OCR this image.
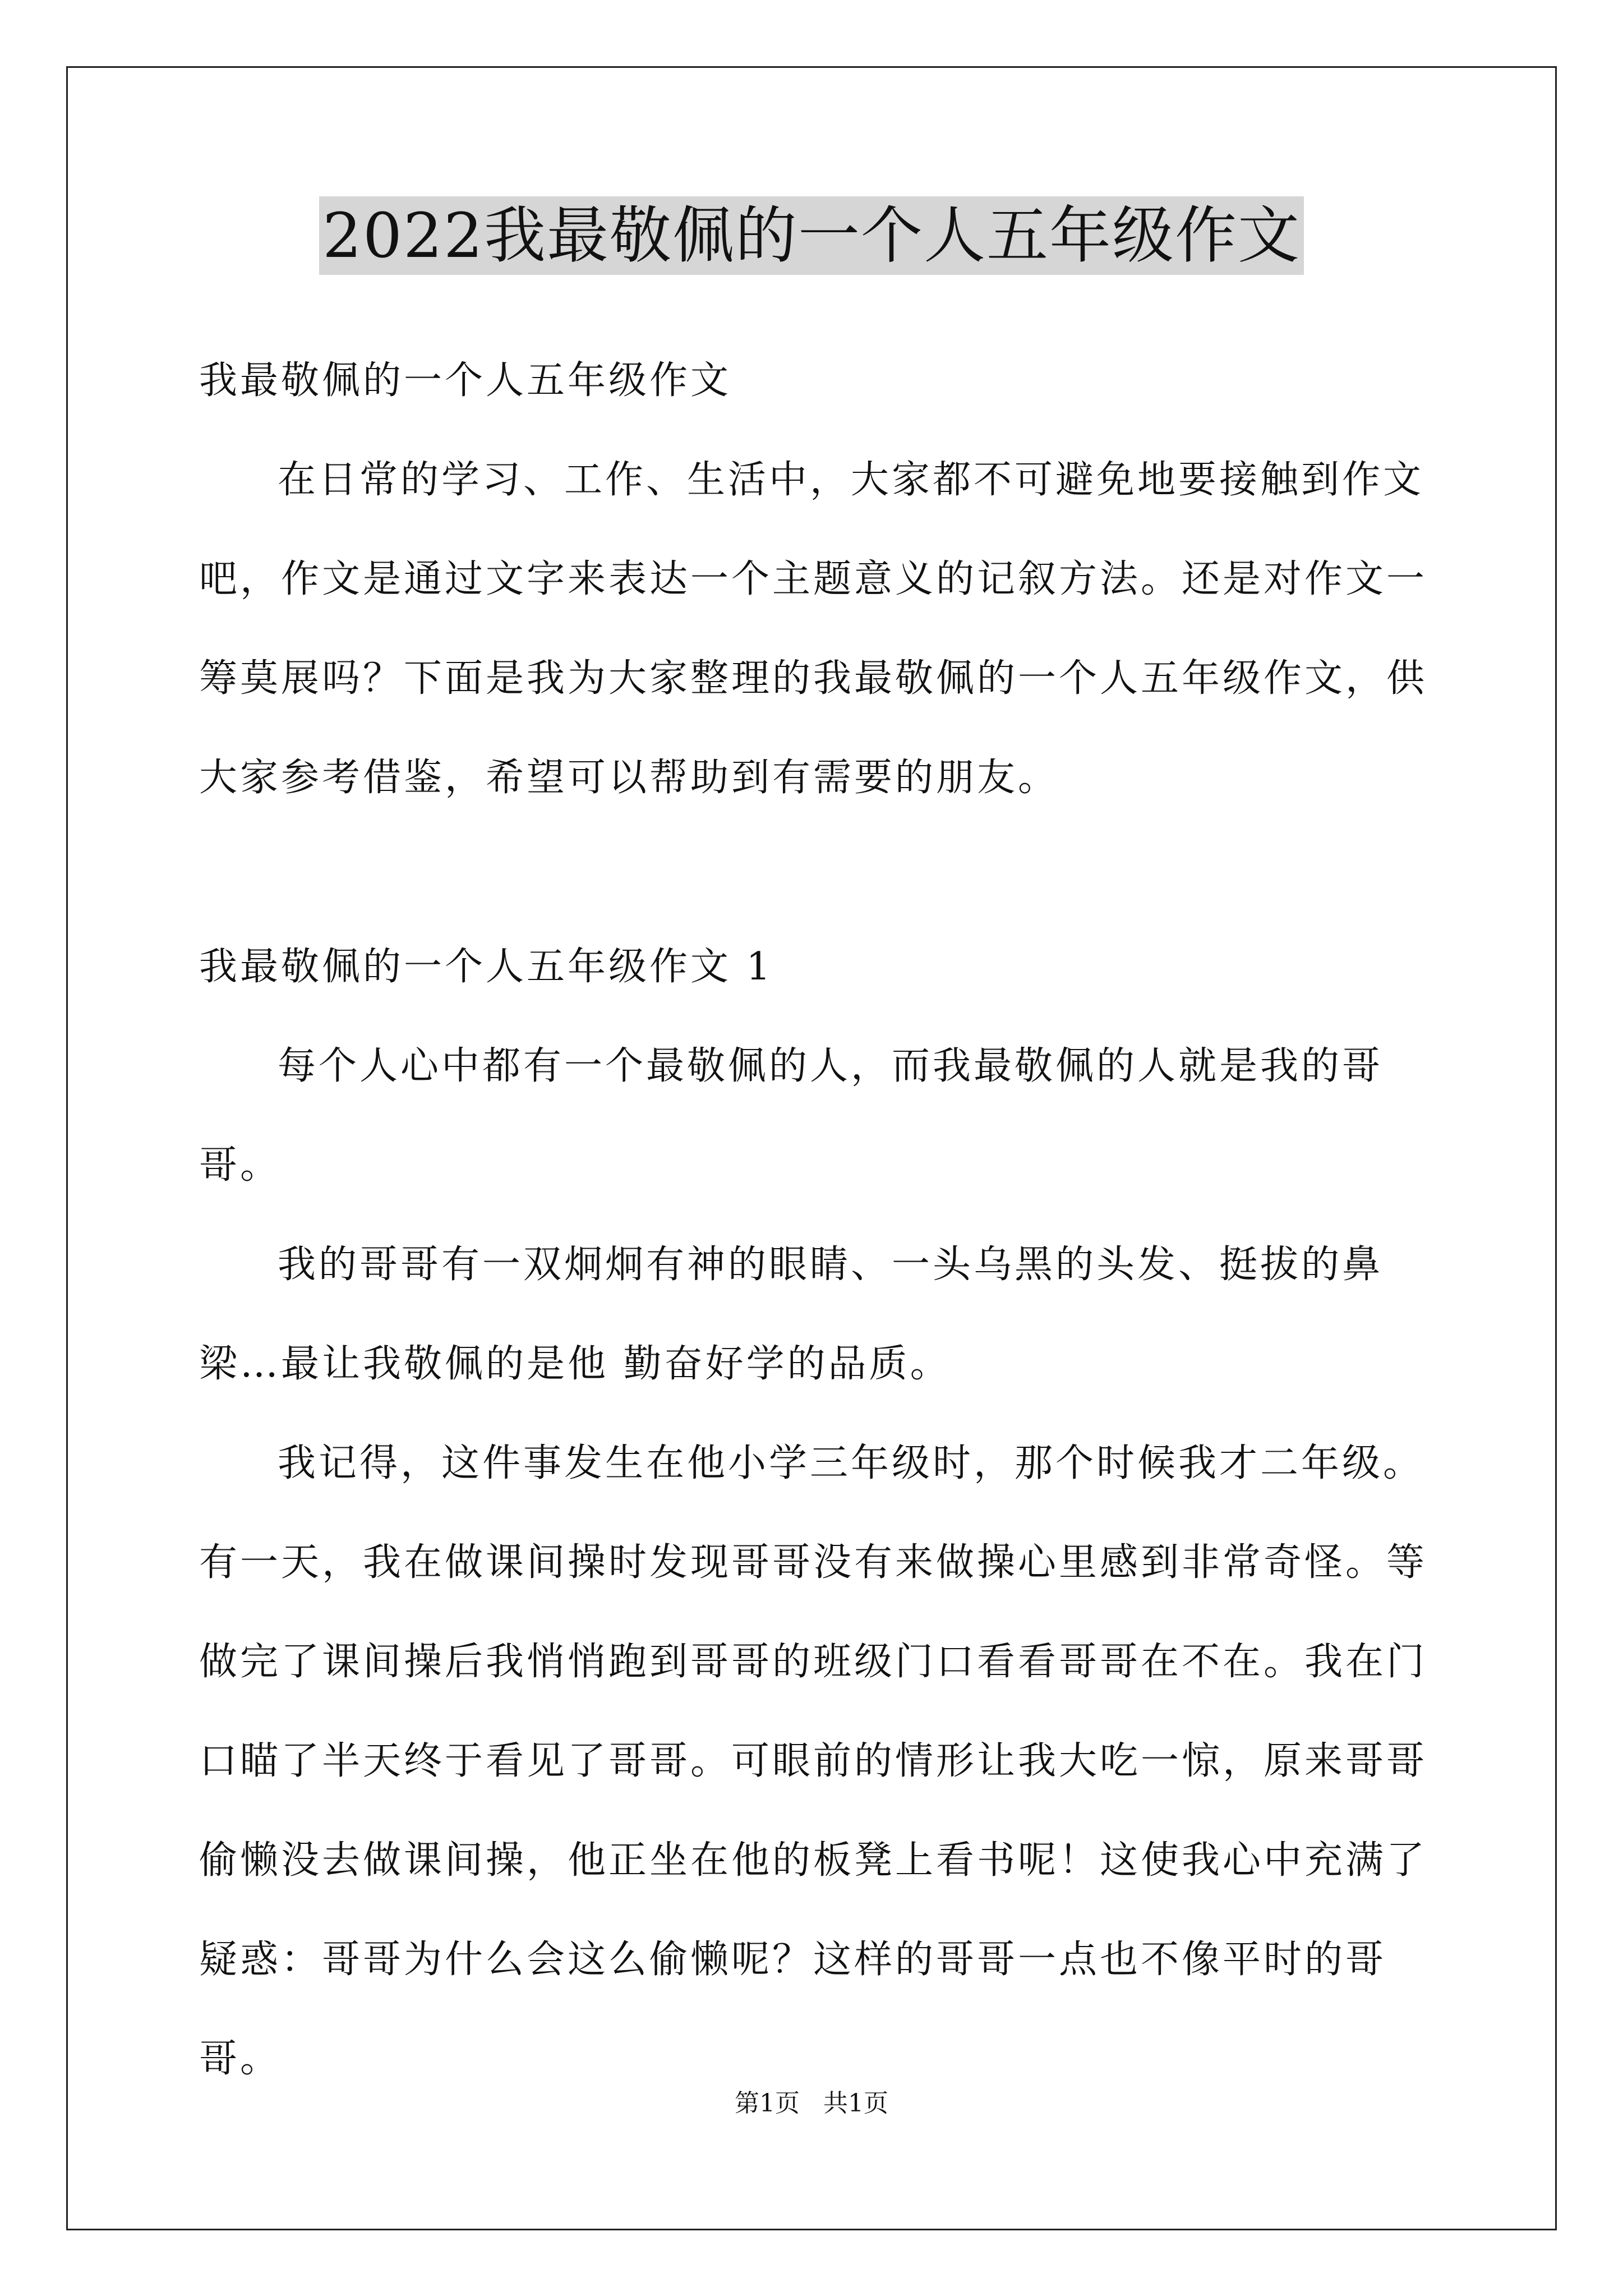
2022我最敬佩的一个人五年级作文

我最敬佩的一个人五年级作文

在日常的学习、工作、生活中，大家都不可避免地要接触到作文吧，作文是通过文字来表达一个主题意义的记叙方法。还是对作文一筹莫展吗？下面是我为大家整理的我最敬佩的一个人五年级作文，供大家参考借鉴，希望可以帮助到有需要的朋友。

我最敬佩的一个人五年级作文 1

每个人心中都有一个最敬佩的人，而我最敬佩的人就是我的哥哥。

我的哥哥有一双炯炯有神的眼睛、一头乌黑的头发、挺拔的鼻梁…最让我敬佩的是他 勤奋好学的品质。

我记得，这件事发生在他小学三年级时，那个时候我才二年级。有一天，我在做课间操时发现哥哥没有来做操心里感到非常奇怪。等做完了课间操后我悄悄跑到哥哥的班级门口看看哥哥在不在。我在门口瞄了半天终于看见了哥哥。可眼前的情形让我大吃一惊，原来哥哥偷懒没去做课间操，他正坐在他的板凳上看书呢！这使我心中充满了疑惑：哥哥为什么会这么偷懒呢？这样的哥哥一点也不像平时的哥哥。

第1页 共1页
